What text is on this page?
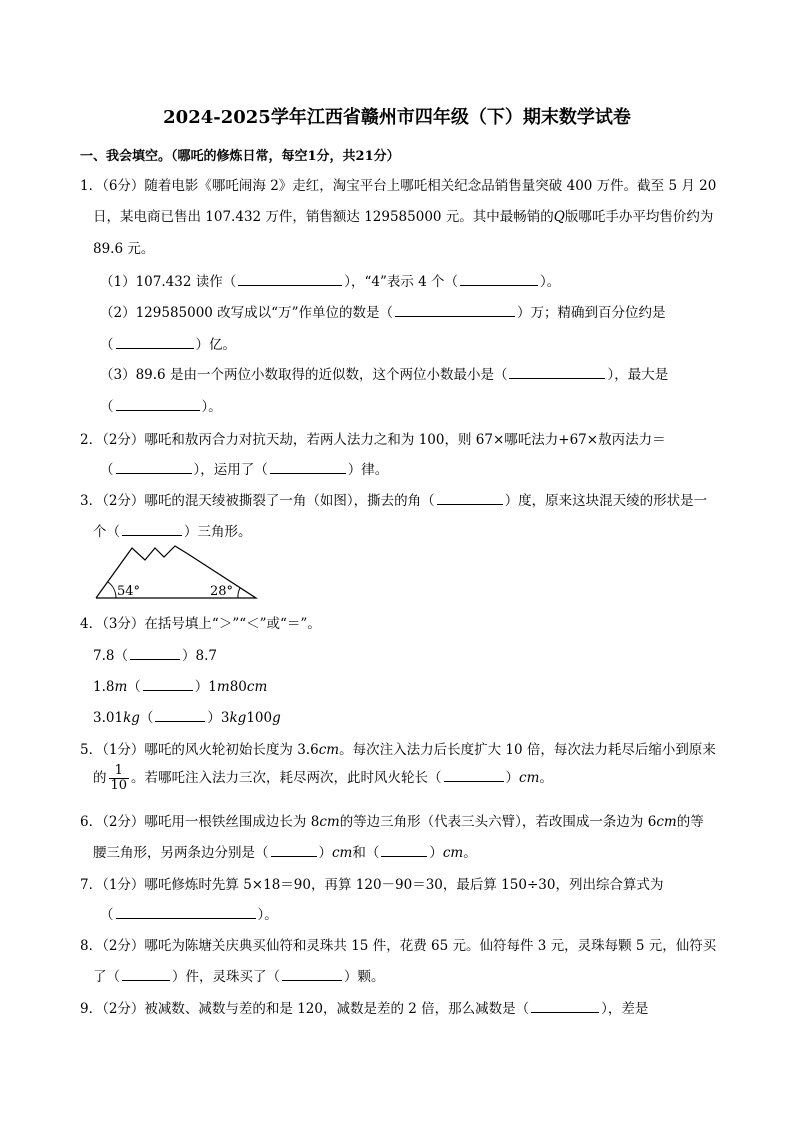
2024-2025学年江西省赣州市四年级（下）期末数学试卷
一、我会填空。（哪吒的修炼日常，每空1分，共21分）
1．（6分）随着电影《哪吒闹海 2》走红，淘宝平台上哪吒相关纪念品销售量突破 400 万件。截至 5 月 20
日，某电商已售出 107.432 万件，销售额达 129585000 元。其中最畅销的Q版哪吒手办平均售价约为
89.6 元。
（1）107.432 读作（	），“4”表示 4 个（	）。
（2）129585000 改写成以“万”作单位的数是（	）万；精确到百分位约是
（	）亿。
（3）89.6 是由一个两位小数取得的近似数，这个两位小数最小是（	），最大是
（	）。
2．（2分）哪吒和敖丙合力对抗天劫，若两人法力之和为 100，则 67×哪吒法力+67×敖丙法力＝
（	），运用了（	）律。
3．（2分）哪吒的混天绫被撕裂了一角（如图），撕去的角（	）度，原来这块混天绫的形状是一
个（	）三角形。
54°	28°
4．（3分）在括号填上“＞”“＜”或“＝”。
7.8（	）8.7
1.8m（	）1m80cm
3.01kg（	）3kg100g
5．（1分）哪吒的风火轮初始长度为 3.6cm。每次注入法力后长度扩大 10 倍，每次法力耗尽后缩小到原来
的 $\frac{1}{10}$ 。若哪吒注入法力三次，耗尽两次，此时风火轮长（	）cm。
6．（2分）哪吒用一根铁丝围成边长为 8cm的等边三角形（代表三头六臂），若改围成一条边为 6cm的等
腰三角形，另两条边分别是（	）cm和（	）cm。
7．（1分）哪吒修炼时先算 5×18＝90，再算 120－90＝30，最后算 150÷30，列出综合算式为
（	）。
8．（2分）哪吒为陈塘关庆典买仙符和灵珠共 15 件，花费 65 元。仙符每件 3 元，灵珠每颗 5 元，仙符买
了（	）件，灵珠买了（	）颗。
9．（2分）被减数、减数与差的和是 120，减数是差的 2 倍，那么减数是（	），差是
